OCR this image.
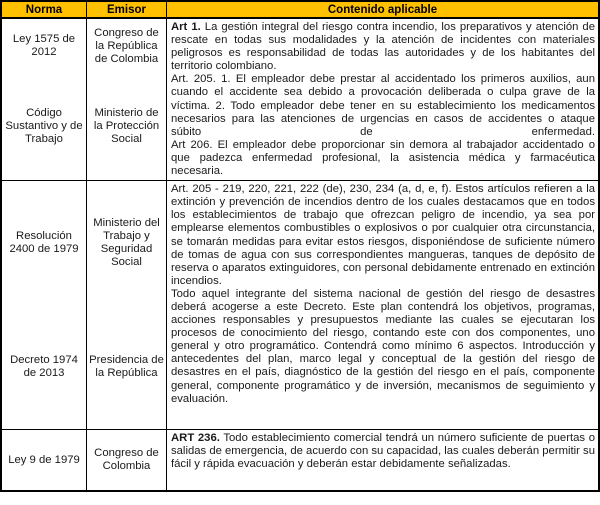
Norma	Emisor	Contenido aplicable
Ley 1575 de 2012
Código Sustantivo y de Trabajo
Congreso de la República de Colombia
Ministerio de la Protección Social

Art 1. La gestión integral del riesgo contra incendio, los preparativos y atención de rescate en todas sus modalidades y la atención de incidentes con materiales peligrosos es responsabilidad de todas las autoridades y de los habitantes del territorio colombiano.

Art. 205. 1. El empleador debe prestar al accidentado los primeros auxilios, aun cuando el accidente sea debido a provocación deliberada o culpa grave de la víctima. 2. Todo empleador debe tener en su establecimiento los medicamentos necesarios para las atenciones de urgencias en casos de accidentes o ataque súbito de enfermedad.

Art 206. El empleador debe proporcionar sin demora al trabajador accidentado o que padezca enfermedad profesional, la asistencia médica y farmacéutica necesaria.

Resolución 2400 de 1979
Decreto 1974 de 2013
Ministerio del Trabajo y Seguridad Social
Presidencia de la República

Art. 205 - 219, 220, 221, 222 (de), 230, 234 (a, d, e, f). Estos artículos refieren a la extinción y prevención de incendios dentro de los cuales destacamos que en todos los establecimientos de trabajo que ofrezcan peligro de incendio, ya sea por emplearse elementos combustibles o explosivos o por cualquier otra circunstancia, se tomarán medidas para evitar estos riesgos, disponiéndose de suficiente número de tomas de agua con sus correspondientes mangueras, tanques de depósito de reserva o aparatos extinguidores, con personal debidamente entrenado en extinción incendios.

Todo aquel integrante del sistema nacional de gestión del riesgo de desastres deberá acogerse a este Decreto. Este plan contendrá los objetivos, programas, acciones responsables y presupuestos mediante las cuales se ejecutaran los procesos de conocimiento del riesgo, contando este con dos componentes, uno general y otro programático. Contendrá como mínimo 6 aspectos. Introducción y antecedentes del plan, marco legal y conceptual de la gestión del riesgo de desastres en el país, diagnóstico de la gestión del riesgo en el país, componente general, componente programático y de inversión, mecanismos de seguimiento y evaluación.

Ley 9 de 1979
Congreso de Colombia

ART 236. Todo establecimiento comercial tendrá un número suficiente de puertas o salidas de emergencia, de acuerdo con su capacidad, las cuales deberán permitir su fácil y rápida evacuación y deberán estar debidamente señalizadas.
